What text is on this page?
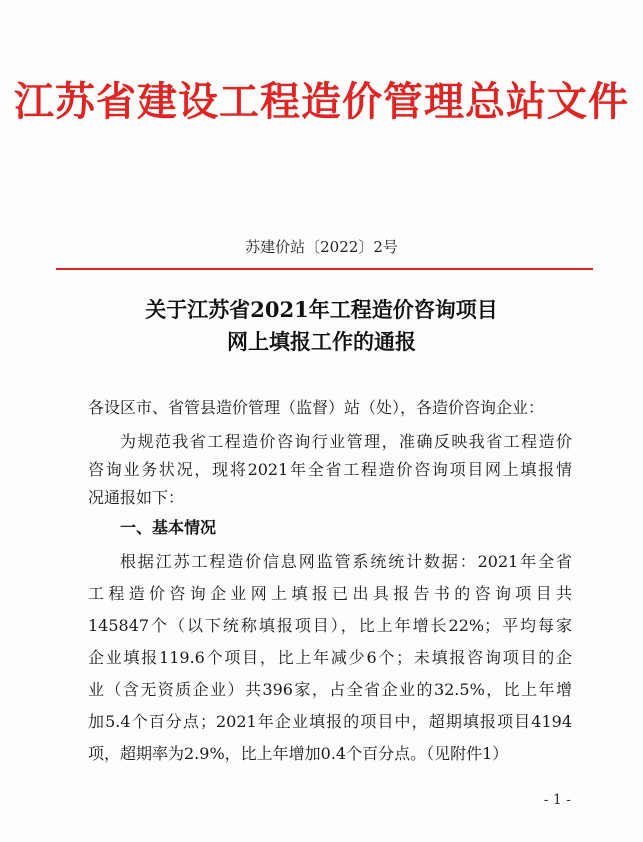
江苏省建设工程造价管理总站文件
苏建价站〔2022〕2号
关于江苏省2021年工程造价咨询项目
网上填报工作的通报
各设区市、省管县造价管理（监督）站（处），各造价咨询企业：
为规范我省工程造价咨询行业管理，准确反映我省工程造价
咨询业务状况，现将2021年全省工程造价咨询项目网上填报情
况通报如下：
一、基本情况
根据江苏工程造价信息网监管系统统计数据：2021年全省
工程造价咨询企业网上填报已出具报告书的咨询项目共
145847个（以下统称填报项目），比上年增长22%；平均每家
企业填报119.6个项目，比上年减少6个；未填报咨询项目的企
业（含无资质企业）共396家，占全省企业的32.5%，比上年增
加5.4个百分点；2021年企业填报的项目中，超期填报项目4194
项，超期率为2.9%，比上年增加0.4个百分点。（见附件1）
- 1 -
